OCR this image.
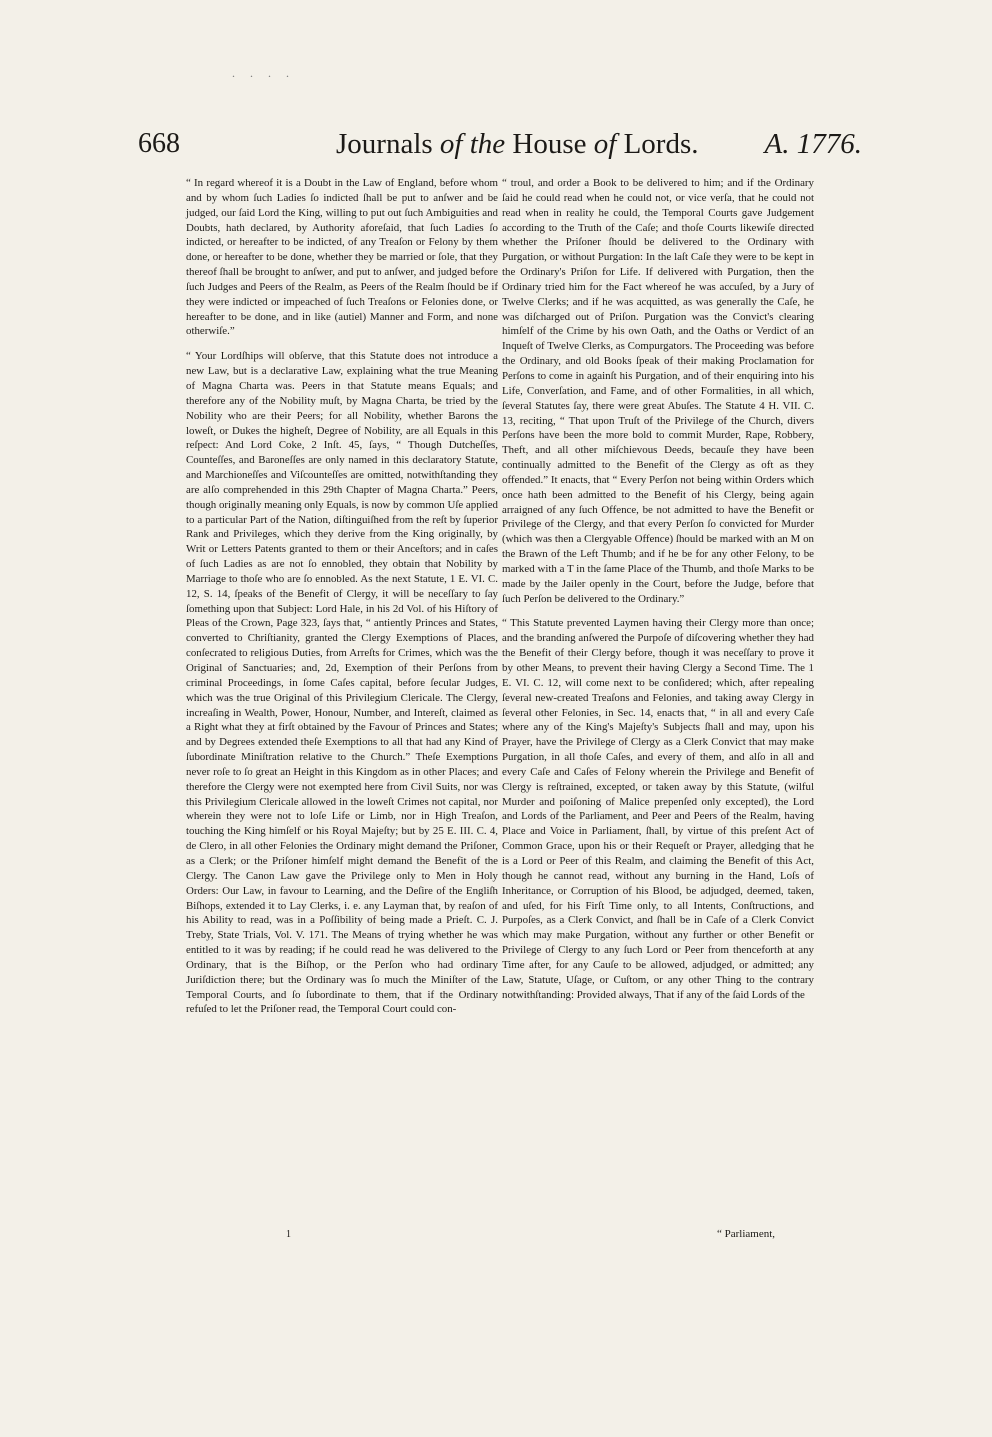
. . . .
668	Journals of the House of Lords. A. 1776.

“ In regard whereof it is a Doubt in the Law of England, before whom and by whom ſuch Ladies ſo indicted ſhall be put to anſwer and be judged, our ſaid Lord the King, willing to put out ſuch Ambiguities and Doubts, hath declared, by Authority aforeſaid, that ſuch Ladies ſo indicted, or hereafter to be indicted, of any Treaſon or Felony by them done, or hereafter to be done, whether they be married or ſole, that they thereof ſhall be brought to anſwer, and put to anſwer, and judged before ſuch Judges and Peers of the Realm, as Peers of the Realm ſhould be if they were indicted or impeached of ſuch Treaſons or Felonies done, or hereafter to be done, and in like (autiel) Manner and Form, and none otherwiſe.”

“ Your Lordſhips will obſerve, that this Statute does not introduce a new Law, but is a declarative Law, explaining what the true Meaning of Magna Charta was. Peers in that Statute means Equals; and therefore any of the Nobility muſt, by Magna Charta, be tried by the Nobility who are their Peers; for all Nobility, whether Barons the loweſt, or Dukes the higheſt, Degree of Nobility, are all Equals in this reſpect: And Lord Coke, 2 Inſt. 45, ſays, “ Though Dutcheſſes, Counteſſes, and Baroneſſes are only named in this declaratory Statute, and Marchioneſſes and Viſcounteſſes are omitted, notwithſtanding they are alſo comprehended in this 29th Chapter of Magna Charta.” Peers, though originally meaning only Equals, is now by common Uſe applied to a particular Part of the Nation, diſtinguiſhed from the reſt by ſuperior Rank and Privileges, which they derive from the King originally, by Writ or Letters Patents granted to them or their Anceſtors; and in caſes of ſuch Ladies as are not ſo ennobled, they obtain that Nobility by Marriage to thoſe who are ſo ennobled. As the next Statute, 1 E. VI. C. 12, S. 14, ſpeaks of the Benefit of Clergy, it will be neceſſary to ſay ſomething upon that Subject: Lord Hale, in his 2d Vol. of his Hiſtory of Pleas of the Crown, Page 323, ſays that, “ antiently Princes and States, converted to Chriſtianity, granted the Clergy Exemptions of Places, conſecrated to religious Duties, from Arreſts for Crimes, which was the Original of Sanctuaries; and, 2d, Exemption of their Perſons from criminal Proceedings, in ſome Caſes capital, before ſecular Judges, which was the true Original of this Privilegium Clericale. The Clergy, increaſing in Wealth, Power, Honour, Number, and Intereſt, claimed as a Right what they at firſt obtained by the Favour of Princes and States; and by Degrees extended theſe Exemptions to all that had any Kind of ſubordinate Miniſtration relative to the Church.” Theſe Exemptions never roſe to ſo great an Height in this Kingdom as in other Places; and therefore the Clergy were not exempted here from Civil Suits, nor was this Privilegium Clericale allowed in the loweſt Crimes not capital, nor wherein they were not to loſe Life or Limb, nor in High Treaſon, touching the King himſelf or his Royal Majeſty; but by 25 E. III. C. 4, de Clero, in all other Felonies the Ordinary might demand the Priſoner, as a Clerk; or the Priſoner himſelf might demand the Benefit of the Clergy. The Canon Law gave the Privilege only to Men in Holy Orders: Our Law, in favour to Learning, and the Deſire of the Engliſh Biſhops, extended it to Lay Clerks, i. e. any Layman that, by reaſon of his Ability to read, was in a Poſſibility of being made a Prieſt. C. J. Treby, State Trials, Vol. V. 171. The Means of trying whether he was entitled to it was by reading; if he could read he was delivered to the Ordinary, that is the Biſhop, or the Perſon who had ordinary Juriſdiction there; but the Ordinary was ſo much the Miniſter of the Temporal Courts, and ſo ſubordinate to them, that if the Ordinary refuſed to let the Priſoner read, the Temporal Court could con-

“ troul, and order a Book to be delivered to him; and if the Ordinary ſaid he could read when he could not, or vice verſa, that he could not read when in reality he could, the Temporal Courts gave Judgement according to the Truth of the Caſe; and thoſe Courts likewiſe directed whether the Priſoner ſhould be delivered to the Ordinary with Purgation, or without Purgation: In the laſt Caſe they were to be kept in the Ordinary's Priſon for Life. If delivered with Purgation, then the Ordinary tried him for the Fact whereof he was accuſed, by a Jury of Twelve Clerks; and if he was acquitted, as was generally the Caſe, he was diſcharged out of Priſon. Purgation was the Convict's clearing himſelf of the Crime by his own Oath, and the Oaths or Verdict of an Inqueſt of Twelve Clerks, as Compurgators. The Proceeding was before the Ordinary, and old Books ſpeak of their making Proclamation for Perſons to come in againſt his Purgation, and of their enquiring into his Life, Converſation, and Fame, and of other Formalities, in all which, ſeveral Statutes ſay, there were great Abuſes. The Statute 4 H. VII. C. 13, reciting, “ That upon Truſt of the Privilege of the Church, divers Perſons have been the more bold to commit Murder, Rape, Robbery, Theft, and all other miſchievous Deeds, becauſe they have been continually admitted to the Benefit of the Clergy as oft as they offended.” It enacts, that “ Every Perſon not being within Orders which once hath been admitted to the Benefit of his Clergy, being again arraigned of any ſuch Offence, be not admitted to have the Benefit or Privilege of the Clergy, and that every Perſon ſo convicted for Murder (which was then a Clergyable Offence) ſhould be marked with an M on the Brawn of the Left Thumb; and if he be for any other Felony, to be marked with a T in the ſame Place of the Thumb, and thoſe Marks to be made by the Jailer openly in the Court, before the Judge, before that ſuch Perſon be delivered to the Ordinary.”

“ This Statute prevented Laymen having their Clergy more than once; and the branding anſwered the Purpoſe of diſcovering whether they had the Benefit of their Clergy before, though it was neceſſary to prove it by other Means, to prevent their having Clergy a Second Time. The 1 E. VI. C. 12, will come next to be conſidered; which, after repealing ſeveral new-created Treaſons and Felonies, and taking away Clergy in ſeveral other Felonies, in Sec. 14, enacts that, “ in all and every Caſe where any of the King's Majeſty's Subjects ſhall and may, upon his Prayer, have the Privilege of Clergy as a Clerk Convict that may make Purgation, in all thoſe Caſes, and every of them, and alſo in all and every Caſe and Caſes of Felony wherein the Privilege and Benefit of Clergy is reſtrained, excepted, or taken away by this Statute, (wilful Murder and poiſoning of Malice prepenſed only excepted), the Lord and Lords of the Parliament, and Peer and Peers of the Realm, having Place and Voice in Parliament, ſhall, by virtue of this preſent Act of Common Grace, upon his or their Requeſt or Prayer, alledging that he is a Lord or Peer of this Realm, and claiming the Benefit of this Act, though he cannot read, without any burning in the Hand, Loſs of Inheritance, or Corruption of his Blood, be adjudged, deemed, taken, and uſed, for his Firſt Time only, to all Intents, Conſtructions, and Purpoſes, as a Clerk Convict, and ſhall be in Caſe of a Clerk Convict which may make Purgation, without any further or other Benefit or Privilege of Clergy to any ſuch Lord or Peer from thenceforth at any Time after, for any Cauſe to be allowed, adjudged, or admitted; any Law, Statute, Uſage, or Cuſtom, or any other Thing to the contrary notwithſtanding: Provided always, That if any of the ſaid Lords of the

1	“ Parliament,
